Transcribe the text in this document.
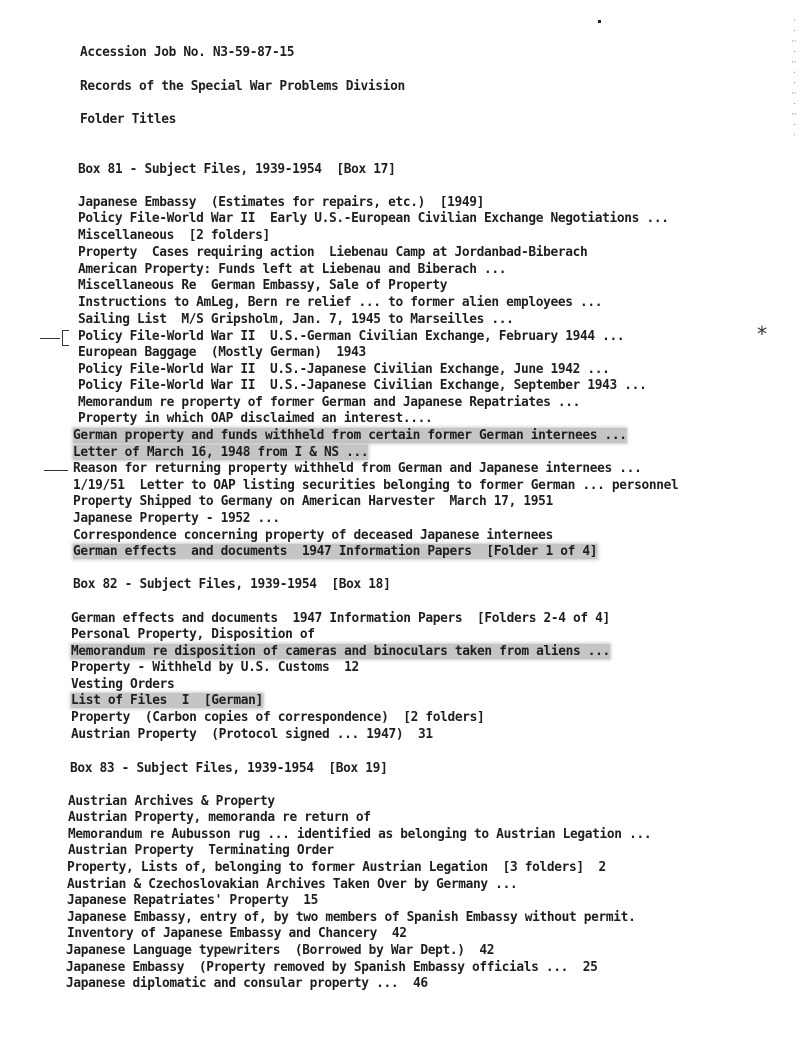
Accession Job No. N3-59-87-15
Records of the Special War Problems Division
Folder Titles
Box 81 - Subject Files, 1939-1954  [Box 17]
Japanese Embassy  (Estimates for repairs, etc.)  [1949]
Policy File-World War II  Early U.S.-European Civilian Exchange Negotiations ...
Miscellaneous  [2 folders]
Property  Cases requiring action  Liebenau Camp at Jordanbad-Biberach
American Property: Funds left at Liebenau and Biberach ...
Miscellaneous Re  German Embassy, Sale of Property
Instructions to AmLeg, Bern re relief ... to former alien employees ...
Sailing List  M/S Gripsholm, Jan. 7, 1945 to Marseilles ...
Policy File-World War II  U.S.-German Civilian Exchange, February 1944 ...
European Baggage  (Mostly German)  1943
Policy File-World War II  U.S.-Japanese Civilian Exchange, June 1942 ...
Policy File-World War II  U.S.-Japanese Civilian Exchange, September 1943 ...
Memorandum re property of former German and Japanese Repatriates ...
Property in which OAP disclaimed an interest....
German property and funds withheld from certain former German internees ...
Letter of March 16, 1948 from I & NS ...
Reason for returning property withheld from German and Japanese internees ...
1/19/51  Letter to OAP listing securities belonging to former German ... personnel
Property Shipped to Germany on American Harvester  March 17, 1951
Japanese Property - 1952 ...
Correspondence concerning property of deceased Japanese internees
German effects  and documents  1947 Information Papers  [Folder 1 of 4]
Box 82 - Subject Files, 1939-1954  [Box 18]
German effects and documents  1947 Information Papers  [Folders 2-4 of 4]
Personal Property, Disposition of
Memorandum re disposition of cameras and binoculars taken from aliens ...
Property - Withheld by U.S. Customs  12
Vesting Orders
List of Files  I  [German]
Property  (Carbon copies of correspondence)  [2 folders]
Austrian Property  (Protocol signed ... 1947)  31
Box 83 - Subject Files, 1939-1954  [Box 19]
Austrian Archives & Property
Austrian Property, memoranda re return of
Memorandum re Aubusson rug ... identified as belonging to Austrian Legation ...
Austrian Property  Terminating Order
Property, Lists of, belonging to former Austrian Legation  [3 folders]  2
Austrian & Czechoslovakian Archives Taken Over by Germany ...
Japanese Repatriates' Property  15
Japanese Embassy, entry of, by two members of Spanish Embassy without permit.
Inventory of Japanese Embassy and Chancery  42
Japanese Language typewriters  (Borrowed by War Dept.)  42
Japanese Embassy  (Property removed by Spanish Embassy officials ...  25
Japanese diplomatic and consular property ...  46
*
· · : · : · · : · : · ·
